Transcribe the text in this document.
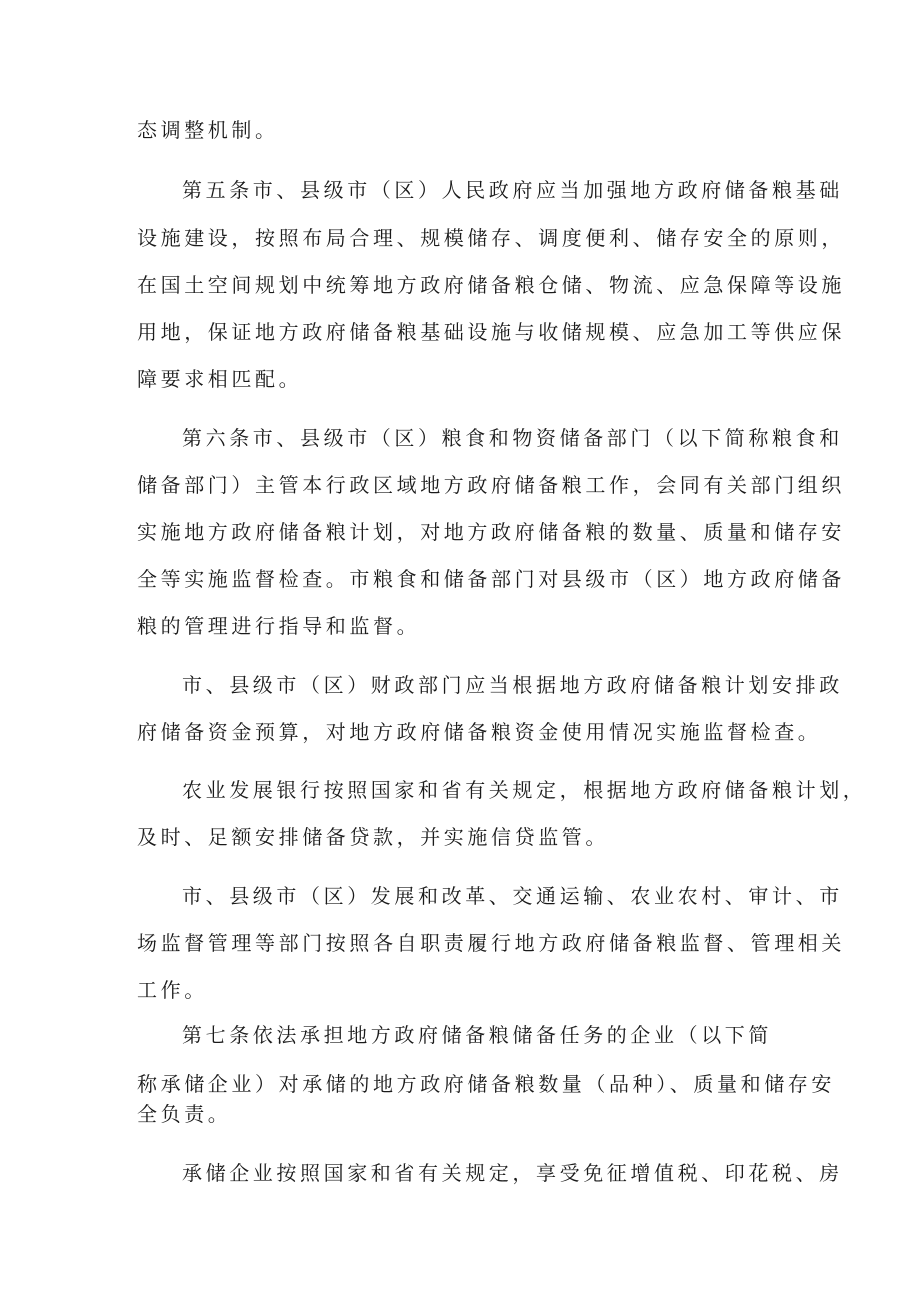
态调整机制。
第五条市、县级市（区）人民政府应当加强地方政府储备粮基础
设施建设，按照布局合理、规模储存、调度便利、储存安全的原则，
在国土空间规划中统筹地方政府储备粮仓储、物流、应急保障等设施
用地，保证地方政府储备粮基础设施与收储规模、应急加工等供应保
障要求相匹配。
第六条市、县级市（区）粮食和物资储备部门（以下简称粮食和
储备部门）主管本行政区域地方政府储备粮工作，会同有关部门组织
实施地方政府储备粮计划，对地方政府储备粮的数量、质量和储存安
全等实施监督检查。市粮食和储备部门对县级市（区）地方政府储备
粮的管理进行指导和监督。
市、县级市（区）财政部门应当根据地方政府储备粮计划安排政
府储备资金预算，对地方政府储备粮资金使用情况实施监督检查。
农业发展银行按照国家和省有关规定，根据地方政府储备粮计划，
及时、足额安排储备贷款，并实施信贷监管。
市、县级市（区）发展和改革、交通运输、农业农村、审计、市
场监督管理等部门按照各自职责履行地方政府储备粮监督、管理相关
工作。
第七条依法承担地方政府储备粮储备任务的企业（以下简
称承储企业）对承储的地方政府储备粮数量（品种）、质量和储存安
全负责。
承储企业按照国家和省有关规定，享受免征增值税、印花税、房
